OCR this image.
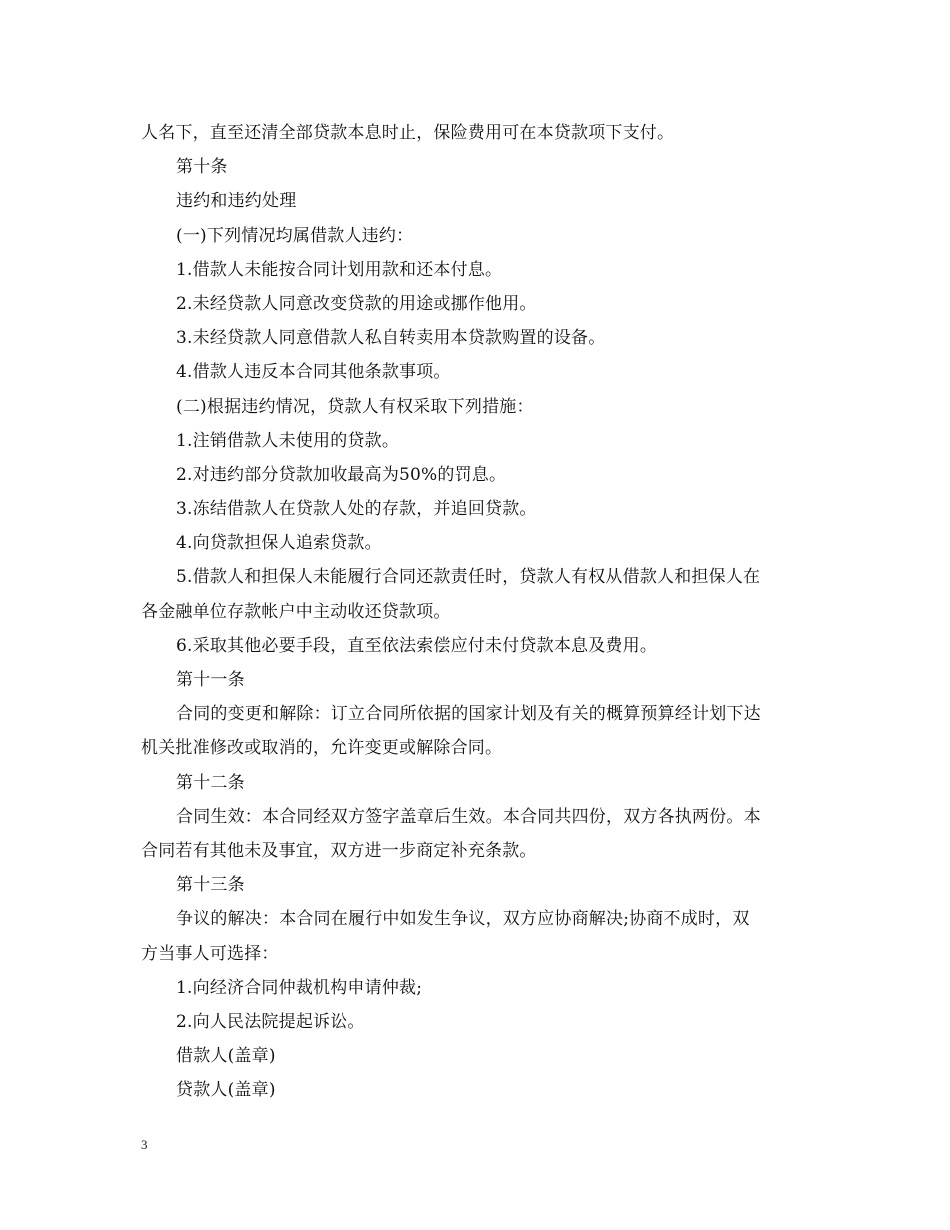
人名下，直至还清全部贷款本息时止，保险费用可在本贷款项下支付。
第十条
违约和违约处理
(一)下列情况均属借款人违约：
1.借款人未能按合同计划用款和还本付息。
2.未经贷款人同意改变贷款的用途或挪作他用。
3.未经贷款人同意借款人私自转卖用本贷款购置的设备。
4.借款人违反本合同其他条款事项。
(二)根据违约情况，贷款人有权采取下列措施：
1.注销借款人未使用的贷款。
2.对违约部分贷款加收最高为50%的罚息。
3.冻结借款人在贷款人处的存款，并追回贷款。
4.向贷款担保人追索贷款。
5.借款人和担保人未能履行合同还款责任时，贷款人有权从借款人和担保人在
各金融单位存款帐户中主动收还贷款项。
6.采取其他必要手段，直至依法索偿应付未付贷款本息及费用。
第十一条
合同的变更和解除：订立合同所依据的国家计划及有关的概算预算经计划下达
机关批准修改或取消的，允许变更或解除合同。
第十二条
合同生效：本合同经双方签字盖章后生效。本合同共四份，双方各执两份。本
合同若有其他未及事宜，双方进一步商定补充条款。
第十三条
争议的解决：本合同在履行中如发生争议，双方应协商解决;协商不成时，双
方当事人可选择：
1.向经济合同仲裁机构申请仲裁;
2.向人民法院提起诉讼。
借款人(盖章)
贷款人(盖章)
3
